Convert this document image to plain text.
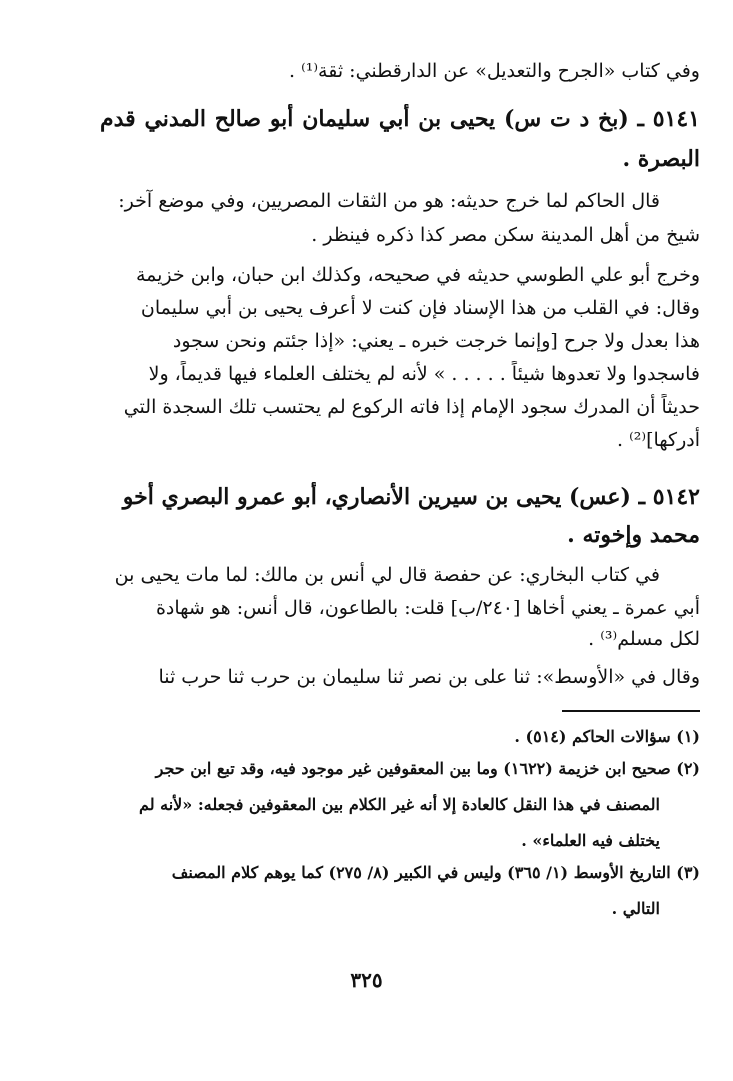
وفي كتاب «الجرح والتعديل» عن الدارقطني: ثقة⁽¹⁾ .
٥١٤١ ـ (بخ د ت س) يحيى بن أبي سليمان أبو صالح المدني قدم
البصرة .
قال الحاكم لما خرج حديثه: هو من الثقات المصريين، وفي موضع آخر:
شيخ من أهل المدينة سكن مصر كذا ذكره فينظر .
وخرج أبو علي الطوسي حديثه في صحيحه، وكذلك ابن حبان، وابن خزيمة
وقال: في القلب من هذا الإسناد فإن كنت لا أعرف يحيى بن أبي سليمان
هذا بعدل ولا جرح [وإنما خرجت خبره ـ يعني: «إذا جئتم ونحن سجود
فاسجدوا ولا تعدوها شيئاً . . . . . » لأنه لم يختلف العلماء فيها قديماً، ولا
حديثاً أن المدرك سجود الإمام إذا فاته الركوع لم يحتسب تلك السجدة التي
أدركها]⁽²⁾ .
٥١٤٢ ـ (عس) يحيى بن سيرين الأنصاري، أبو عمرو البصري أخو
محمد وإخوته .
في كتاب البخاري: عن حفصة قال لي أنس بن مالك: لما مات يحيى بن
أبي عمرة ـ يعني أخاها [٢٤٠/ب] قلت: بالطاعون، قال أنس: هو شهادة
لكل مسلم⁽³⁾ .
وقال في «الأوسط»: ثنا على بن نصر ثنا سليمان بن حرب ثنا حرب ثنا
(١) سؤالات الحاكم (٥١٤) .
(٢) صحيح ابن خزيمة (١٦٢٢) وما بين المعقوفين غير موجود فيه، وقد تبع ابن حجر
المصنف في هذا النقل كالعادة إلا أنه غير الكلام بين المعقوفين فجعله: «لأنه لم
يختلف فيه العلماء» .
(٣) التاريخ الأوسط (١/ ٣٦٥) وليس في الكبير (٨/ ٢٧٥) كما يوهم كلام المصنف
التالي .
٣٢٥
